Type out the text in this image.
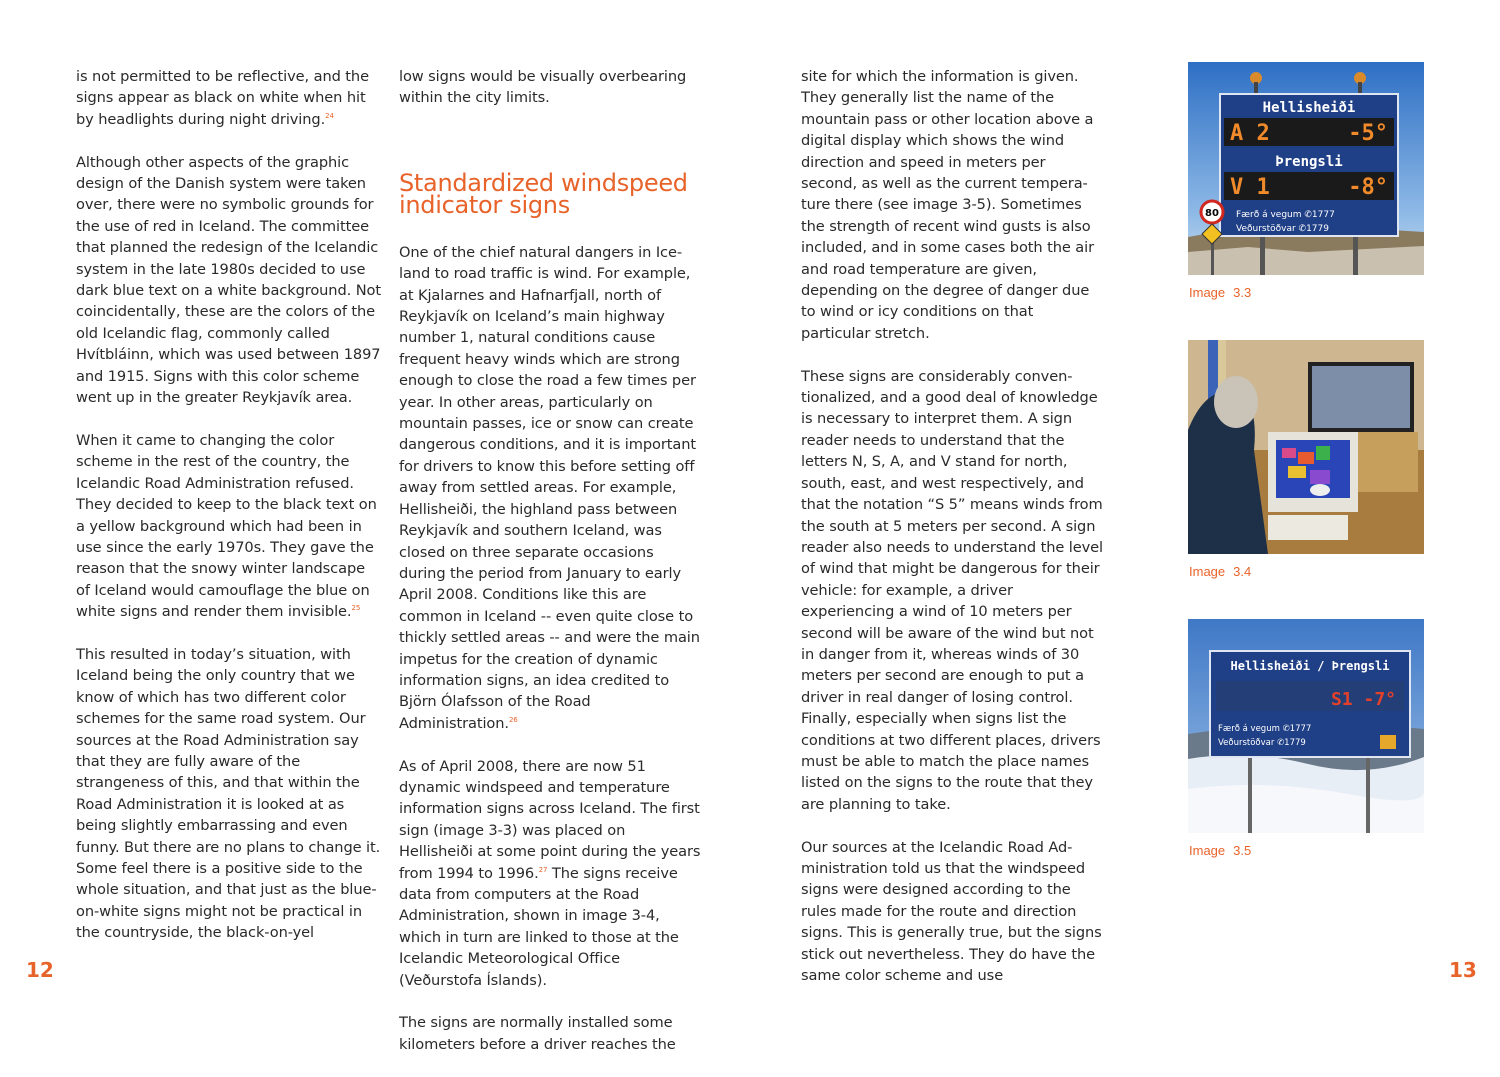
is not permitted to be reflective, and the signs appear as black on white when hit by headlights during night driving.$^{24}$

Although other aspects of the graphic design of the Danish system were taken over, there were no symbolic grounds for the use of red in Iceland. The committee that planned the redesign of the Icelandic system in the late 1980s decided to use dark blue text on a white background. Not coincidentally, these are the colors of the old Icelandic flag, commonly called Hvítbláinn, which was used between 1897 and 1915. Signs with this color scheme went up in the greater Reykjavík area.

When it came to changing the color scheme in the rest of the country, the Icelandic Road Administration refused. They decided to keep to the black text on a yellow background which had been in use since the early 1970s. They gave the reason that the snowy winter landscape of Iceland would camouflage the blue on white signs and render them invisible.$^{25}$

This resulted in today’s situation, with Iceland being the only country that we know of which has two different color schemes for the same road system. Our sources at the Road Administration say that they are fully aware of the strangeness of this, and that within the Road Administration it is looked at as being slightly embarrassing and even funny. But there are no plans to change it. Some feel there is a positive side to the whole situation, and that just as the blue-on-white signs might not be practical in the countryside, the black-on-yel

low signs would be visually overbearing within the city limits.

Standardized windspeed indicator signs

One of the chief natural dangers in Iceland to road traffic is wind. For example, at Kjalarnes and Hafnarfjall, north of Reykjavík on Iceland’s main highway number 1, natural conditions cause frequent heavy winds which are strong enough to close the road a few times per year. In other areas, particularly on mountain passes, ice or snow can create dangerous conditions, and it is important for drivers to know this before setting off away from settled areas. For example, Hellisheiði, the highland pass between Reykjavík and southern Iceland, was closed on three separate occasions during the period from January to early April 2008. Conditions like this are common in Iceland -- even quite close to thickly settled areas -- and were the main impetus for the creation of dynamic information signs, an idea credited to Björn Ólafsson of the Road Administration.$^{26}$

As of April 2008, there are now 51 dynamic windspeed and temperature information signs across Iceland. The first sign (image 3-3) was placed on Hellisheiði at some point during the years from 1994 to 1996.27 The signs receive data from computers at the Road Administration, shown in image 3-4, which in turn are linked to those at the Icelandic Meteorological Office (Veðurstofa Íslands).

The signs are normally installed some kilometers before a driver reaches the

site for which the information is given. They generally list the name of the mountain pass or other location above a digital display which shows the wind direction and speed in meters per second, as well as the current temperature there (see image 3-5). Sometimes the strength of recent wind gusts is also included, and in some cases both the air and road temperature are given, depending on the degree of danger due to wind or icy conditions on that particular stretch.

These signs are considerably conventionalized, and a good deal of knowledge is necessary to interpret them. A sign reader needs to understand that the letters N, S, A, and V stand for north, south, east, and west respectively, and that the notation “S 5” means winds from the south at 5 meters per second. A sign reader also needs to understand the level of wind that might be dangerous for their vehicle: for example, a driver experiencing a wind of 10 meters per second will be aware of the wind but not in danger from it, whereas winds of 30 meters per second are enough to put a driver in real danger of losing control. Finally, especially when signs list the conditions at two different places, drivers must be able to match the place names listed on the signs to the route that they are planning to take.

Our sources at the Icelandic Road Administration told us that the windspeed signs were designed according to the rules made for the route and direction signs. This is generally true, but the signs stick out nevertheless. They do have the same color scheme and use

12	13
Hellisheiði
A 2	-5°
Þrengsli
V 1	-8°
Færð á vegum ✆1777
Veðurstöðvar ✆1779
80
Image 3.3
Image 3.4
Hellisheiði / Þrengsli
S1 -7°
Færð á vegum ✆1777
Veðurstöðvar ✆1779
Image 3.5
